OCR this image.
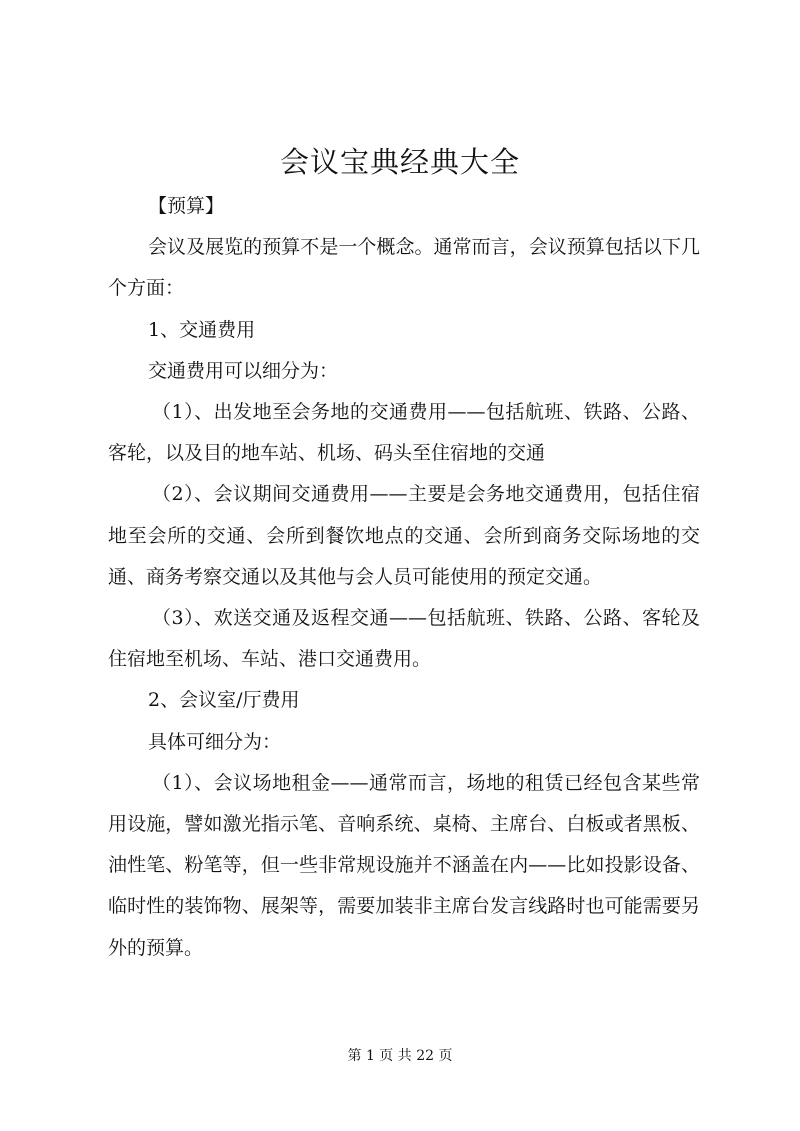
会议宝典经典大全

【预算】

会议及展览的预算不是一个概念。通常而言，会议预算包括以下几个方面：

1、交通费用

交通费用可以细分为：

（1）、出发地至会务地的交通费用——包括航班、铁路、公路、客轮，以及目的地车站、机场、码头至住宿地的交通

（2）、会议期间交通费用——主要是会务地交通费用，包括住宿地至会所的交通、会所到餐饮地点的交通、会所到商务交际场地的交通、商务考察交通以及其他与会人员可能使用的预定交通。

（3）、欢送交通及返程交通——包括航班、铁路、公路、客轮及住宿地至机场、车站、港口交通费用。

2、会议室/厅费用

具体可细分为：

（1）、会议场地租金——通常而言，场地的租赁已经包含某些常用设施，譬如激光指示笔、音响系统、桌椅、主席台、白板或者黑板、油性笔、粉笔等，但一些非常规设施并不涵盖在内——比如投影设备、临时性的装饰物、展架等，需要加装非主席台发言线路时也可能需要另外的预算。

第 1 页 共 22 页
